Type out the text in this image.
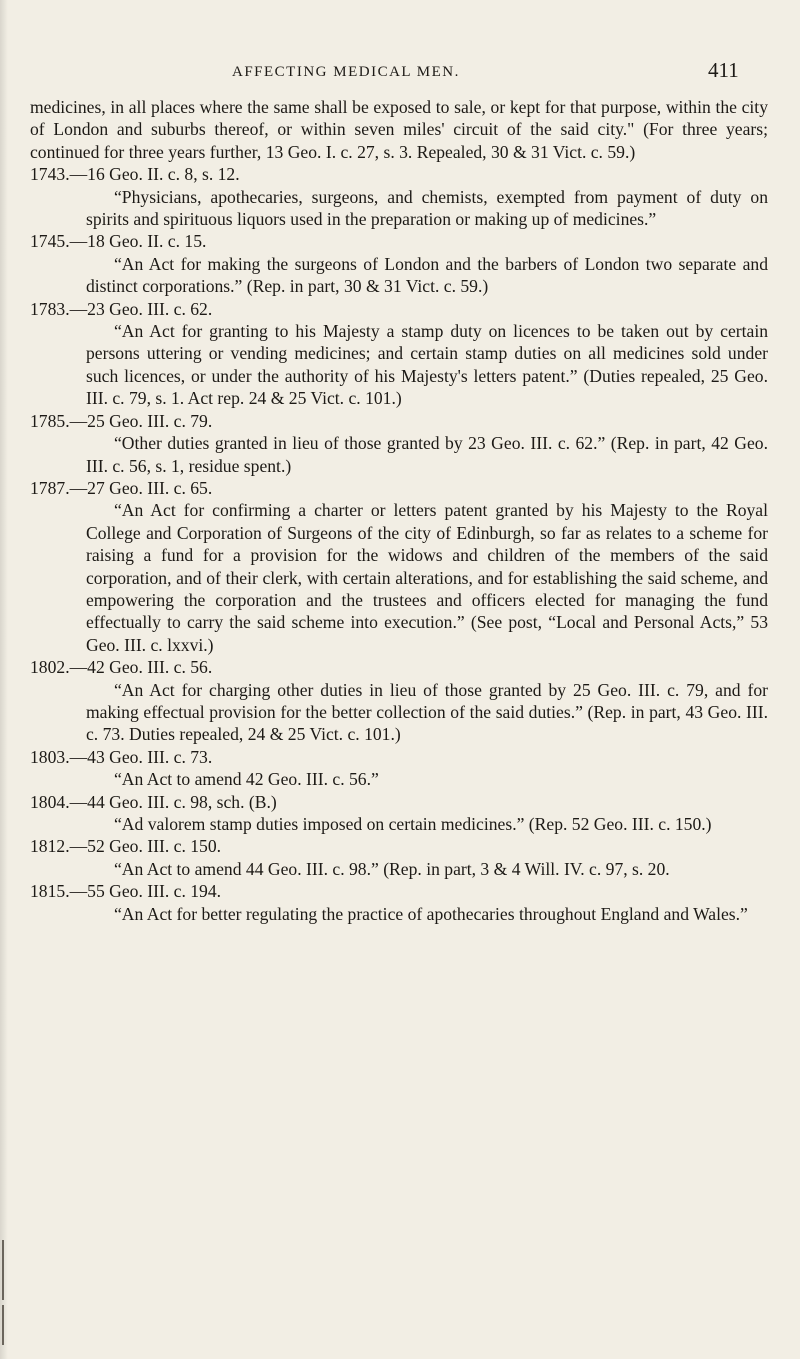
AFFECTING MEDICAL MEN.	411

medicines, in all places where the same shall be exposed to sale, or kept for that purpose, within the city of London and suburbs thereof, or within seven miles' circuit of the said city." (For three years; continued for three years further, 13 Geo. I. c. 27, s. 3. Repealed, 30 & 31 Vict. c. 59.)

1743.—16 Geo. II. c. 8, s. 12.

“Physicians, apothecaries, surgeons, and chemists, exempted from payment of duty on spirits and spirituous liquors used in the preparation or making up of medicines.”

1745.—18 Geo. II. c. 15.

“An Act for making the surgeons of London and the barbers of London two separate and distinct corporations.” (Rep. in part, 30 & 31 Vict. c. 59.)

1783.—23 Geo. III. c. 62.

“An Act for granting to his Majesty a stamp duty on licences to be taken out by certain persons uttering or vending medicines; and certain stamp duties on all medicines sold under such licences, or under the authority of his Majesty's letters patent.” (Duties repealed, 25 Geo. III. c. 79, s. 1. Act rep. 24 & 25 Vict. c. 101.)

1785.—25 Geo. III. c. 79.

“Other duties granted in lieu of those granted by 23 Geo. III. c. 62.” (Rep. in part, 42 Geo. III. c. 56, s. 1, residue spent.)

1787.—27 Geo. III. c. 65.

“An Act for confirming a charter or letters patent granted by his Majesty to the Royal College and Corporation of Surgeons of the city of Edinburgh, so far as relates to a scheme for raising a fund for a provision for the widows and children of the members of the said corporation, and of their clerk, with certain alterations, and for establishing the said scheme, and empowering the corporation and the trustees and officers elected for managing the fund effectually to carry the said scheme into execution.” (See post, “Local and Personal Acts,” 53 Geo. III. c. lxxvi.)

1802.—42 Geo. III. c. 56.

“An Act for charging other duties in lieu of those granted by 25 Geo. III. c. 79, and for making effectual provision for the better collection of the said duties.” (Rep. in part, 43 Geo. III. c. 73. Duties repealed, 24 & 25 Vict. c. 101.)

1803.—43 Geo. III. c. 73.

“An Act to amend 42 Geo. III. c. 56.”

1804.—44 Geo. III. c. 98, sch. (B.)

“Ad valorem stamp duties imposed on certain medicines.” (Rep. 52 Geo. III. c. 150.)

1812.—52 Geo. III. c. 150.

“An Act to amend 44 Geo. III. c. 98.” (Rep. in part, 3 & 4 Will. IV. c. 97, s. 20.

1815.—55 Geo. III. c. 194.

“An Act for better regulating the practice of apothecaries throughout England and Wales.”
